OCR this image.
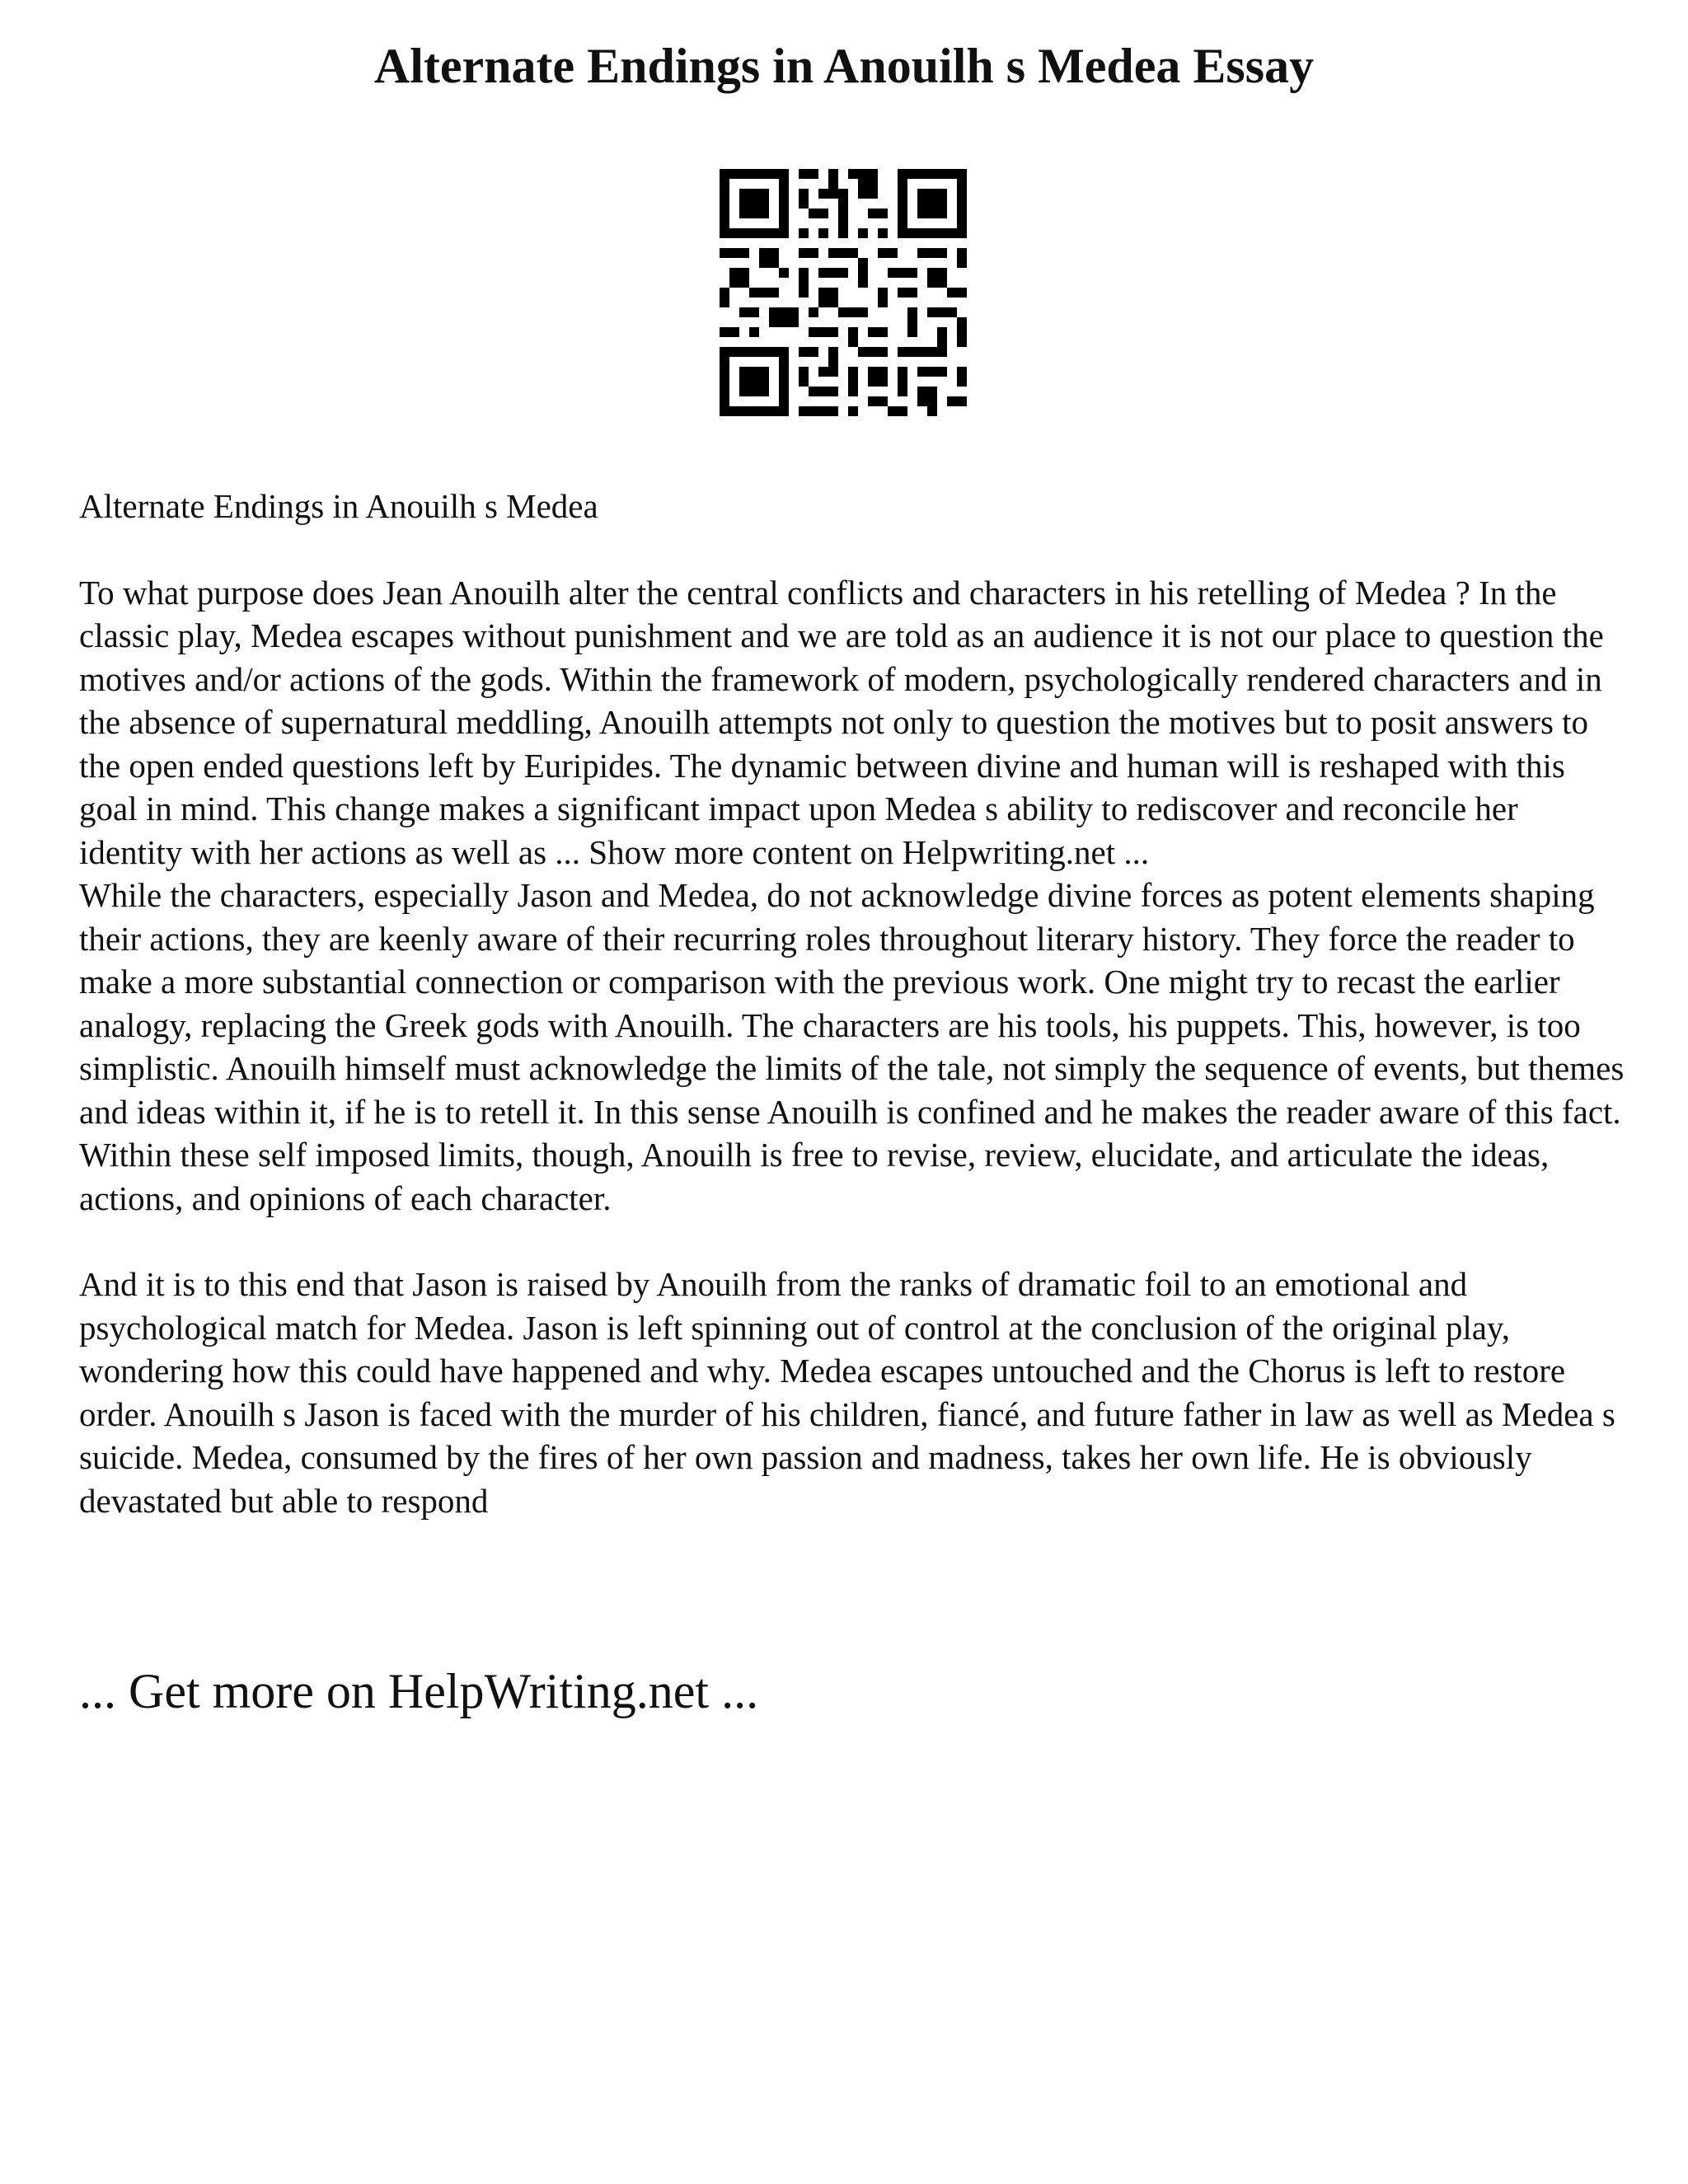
Alternate Endings in Anouilh s Medea Essay

Alternate Endings in Anouilh s Medea

To what purpose does Jean Anouilh alter the central conflicts and characters in his retelling of Medea ? In the classic play, Medea escapes without punishment and we are told as an audience it is not our place to question the motives and/or actions of the gods. Within the framework of modern, psychologically rendered characters and in the absence of supernatural meddling, Anouilh attempts not only to question the motives but to posit answers to the open ended questions left by Euripides. The dynamic between divine and human will is reshaped with this goal in mind. This change makes a significant impact upon Medea s ability to rediscover and reconcile her identity with her actions as well as ... Show more content on Helpwriting.net ...

While the characters, especially Jason and Medea, do not acknowledge divine forces as potent elements shaping their actions, they are keenly aware of their recurring roles throughout literary history. They force the reader to make a more substantial connection or comparison with the previous work. One might try to recast the earlier analogy, replacing the Greek gods with Anouilh. The characters are his tools, his puppets. This, however, is too simplistic. Anouilh himself must acknowledge the limits of the tale, not simply the sequence of events, but themes and ideas within it, if he is to retell it. In this sense Anouilh is confined and he makes the reader aware of this fact. Within these self imposed limits, though, Anouilh is free to revise, review, elucidate, and articulate the ideas, actions, and opinions of each character.

And it is to this end that Jason is raised by Anouilh from the ranks of dramatic foil to an emotional and psychological match for Medea. Jason is left spinning out of control at the conclusion of the original play, wondering how this could have happened and why. Medea escapes untouched and the Chorus is left to restore order. Anouilh s Jason is faced with the murder of his children, fiancé, and future father in law as well as Medea s suicide. Medea, consumed by the fires of her own passion and madness, takes her own life. He is obviously devastated but able to respond

... Get more on HelpWriting.net ...
